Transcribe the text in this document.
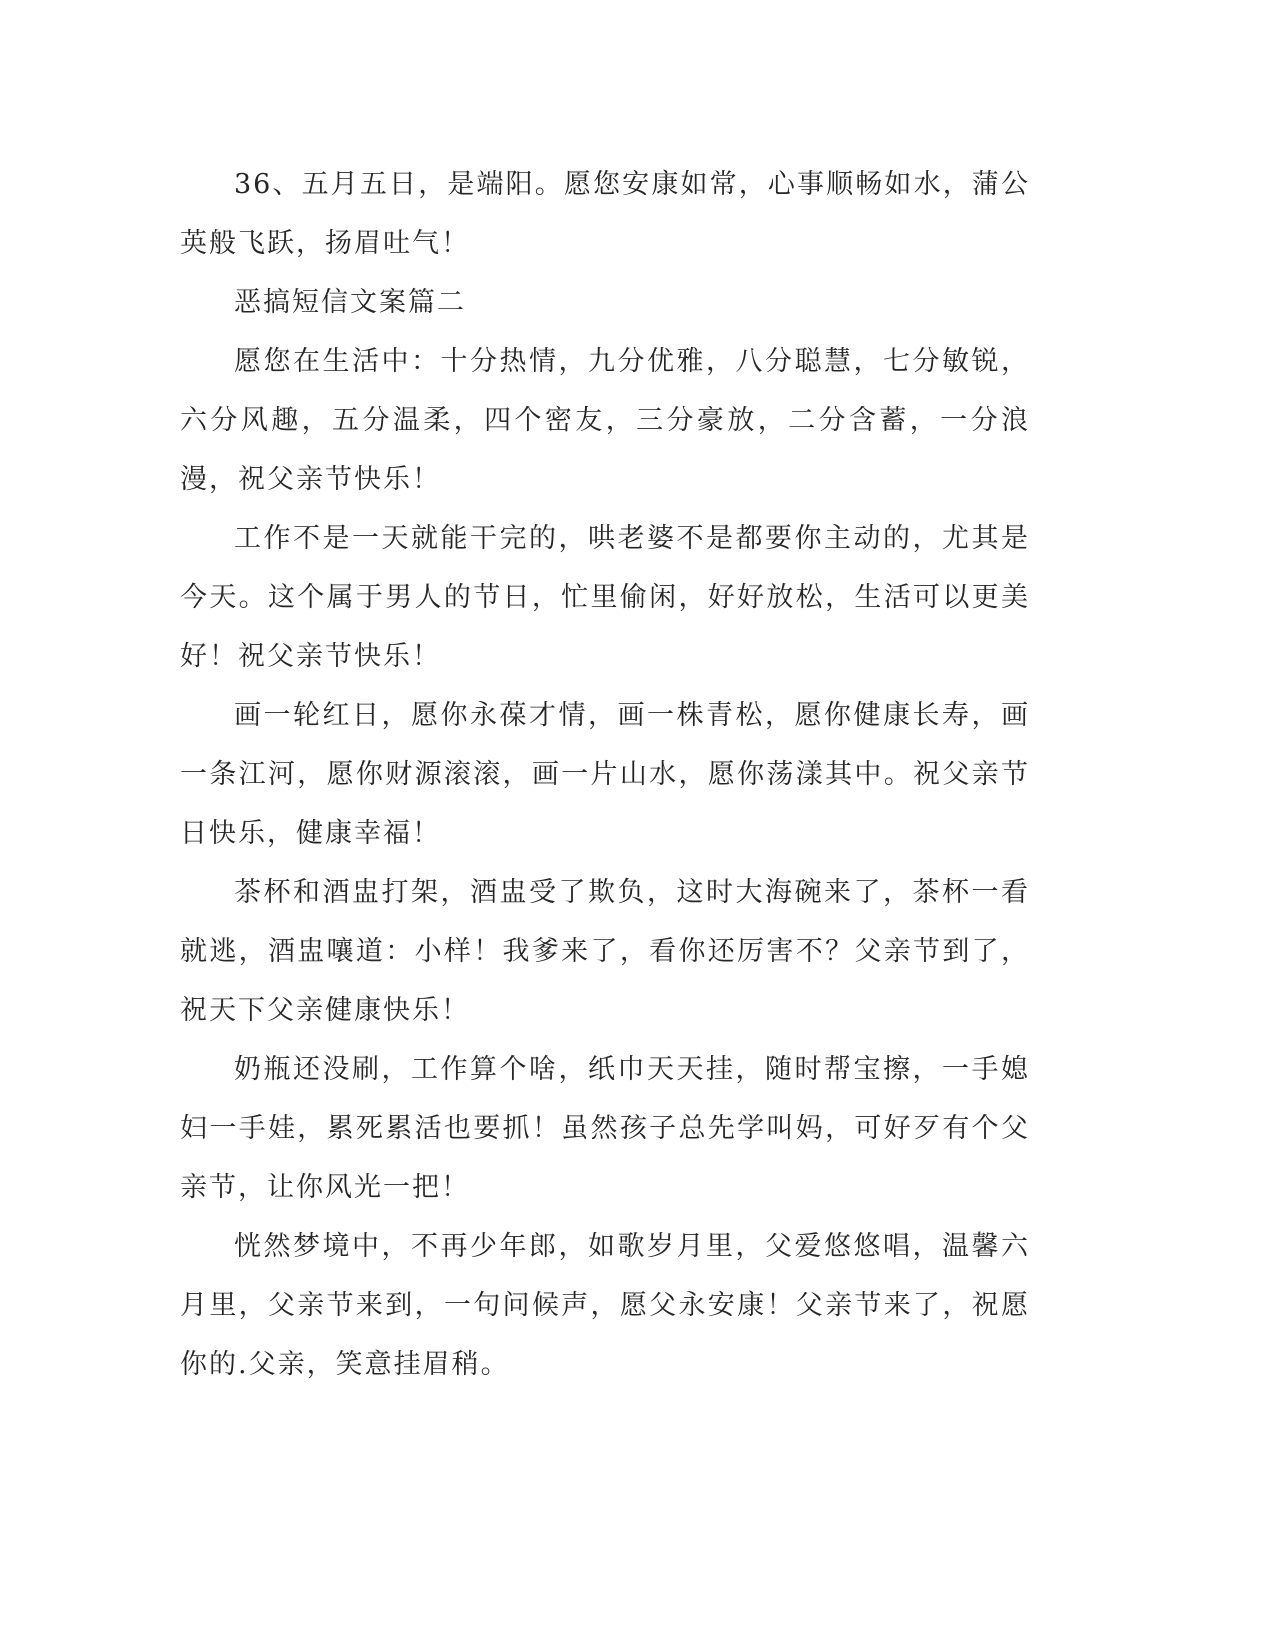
36、五月五日，是端阳。愿您安康如常，心事顺畅如水，蒲公英般飞跃，扬眉吐气！

恶搞短信文案篇二

愿您在生活中：十分热情，九分优雅，八分聪慧，七分敏锐，六分风趣，五分温柔，四个密友，三分豪放，二分含蓄，一分浪漫，祝父亲节快乐！

工作不是一天就能干完的，哄老婆不是都要你主动的，尤其是今天。这个属于男人的节日，忙里偷闲，好好放松，生活可以更美好！祝父亲节快乐！

画一轮红日，愿你永葆才情，画一株青松，愿你健康长寿，画一条江河，愿你财源滚滚，画一片山水，愿你荡漾其中。祝父亲节日快乐，健康幸福！

茶杯和酒盅打架，酒盅受了欺负，这时大海碗来了，茶杯一看就逃，酒盅嚷道：小样！我爹来了，看你还厉害不？父亲节到了，祝天下父亲健康快乐！

奶瓶还没刷，工作算个啥，纸巾天天挂，随时帮宝擦，一手媳妇一手娃，累死累活也要抓！虽然孩子总先学叫妈，可好歹有个父亲节，让你风光一把！

恍然梦境中，不再少年郎，如歌岁月里，父爱悠悠唱，温馨六月里，父亲节来到，一句问候声，愿父永安康！父亲节来了，祝愿你的.父亲，笑意挂眉稍。
